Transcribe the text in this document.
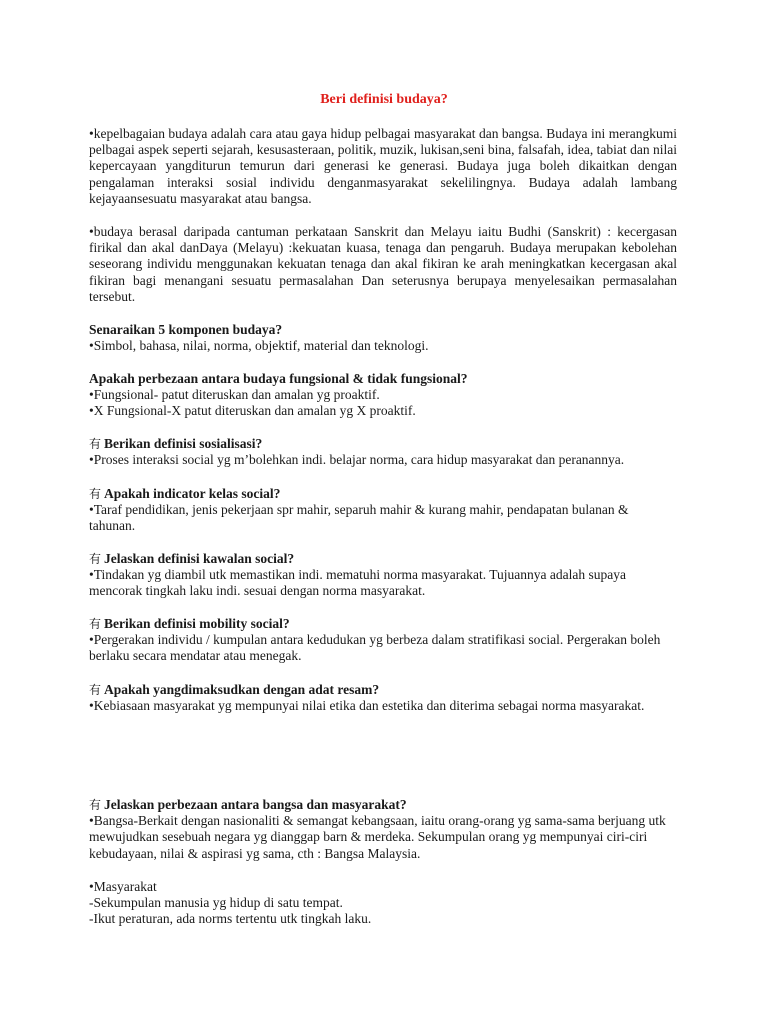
Beri definisi budaya?

•kepelbagaian budaya adalah cara atau gaya hidup pelbagai masyarakat dan bangsa. Budaya ini merangkumi pelbagai aspek seperti sejarah, kesusasteraan, politik, muzik, lukisan,seni bina, falsafah, idea, tabiat dan nilai kepercayaan yangditurun temurun dari generasi ke generasi. Budaya juga boleh dikaitkan dengan pengalaman interaksi sosial individu denganmasyarakat sekelilingnya. Budaya adalah lambang kejayaansesuatu masyarakat atau bangsa.

•budaya berasal daripada cantuman perkataan Sanskrit dan Melayu iaitu Budhi (Sanskrit) : kecergasan firikal dan akal danDaya (Melayu) :kekuatan kuasa, tenaga dan pengaruh. Budaya merupakan kebolehan seseorang individu menggunakan kekuatan tenaga dan akal fikiran ke arah meningkatkan kecergasan akal fikiran bagi menangani sesuatu permasalahan Dan seterusnya berupaya menyelesaikan permasalahan tersebut.

Senaraikan 5 komponen budaya?
•Simbol, bahasa, nilai, norma, objektif, material dan teknologi.
Apakah perbezaan antara budaya fungsional & tidak fungsional?
•Fungsional- patut diteruskan dan amalan yg proaktif.
•X Fungsional-X patut diteruskan dan amalan yg X proaktif.
有 Berikan definisi sosialisasi?
•Proses interaksi social yg m’bolehkan indi. belajar norma, cara hidup masyarakat dan peranannya.
有 Apakah indicator kelas social?
•Taraf pendidikan, jenis pekerjaan spr mahir, separuh mahir & kurang mahir, pendapatan bulanan & tahunan.
有 Jelaskan definisi kawalan social?
•Tindakan yg diambil utk memastikan indi. mematuhi norma masyarakat. Tujuannya adalah supaya mencorak tingkah laku indi. sesuai dengan norma masyarakat.
有 Berikan definisi mobility social?
•Pergerakan individu / kumpulan antara kedudukan yg berbeza dalam stratifikasi social. Pergerakan boleh berlaku secara mendatar atau menegak.
有 Apakah yangdimaksudkan dengan adat resam?
•Kebiasaan masyarakat yg mempunyai nilai etika dan estetika dan diterima sebagai norma masyarakat.
有 Jelaskan perbezaan antara bangsa dan masyarakat?
•Bangsa-Berkait dengan nasionaliti & semangat kebangsaan, iaitu orang-orang yg sama-sama berjuang utk mewujudkan sesebuah negara yg dianggap barn & merdeka. Sekumpulan orang yg mempunyai ciri-ciri kebudayaan, nilai & aspirasi yg sama, cth : Bangsa Malaysia.
•Masyarakat
-Sekumpulan manusia yg hidup di satu tempat.
-Ikut peraturan, ada norms tertentu utk tingkah laku.
